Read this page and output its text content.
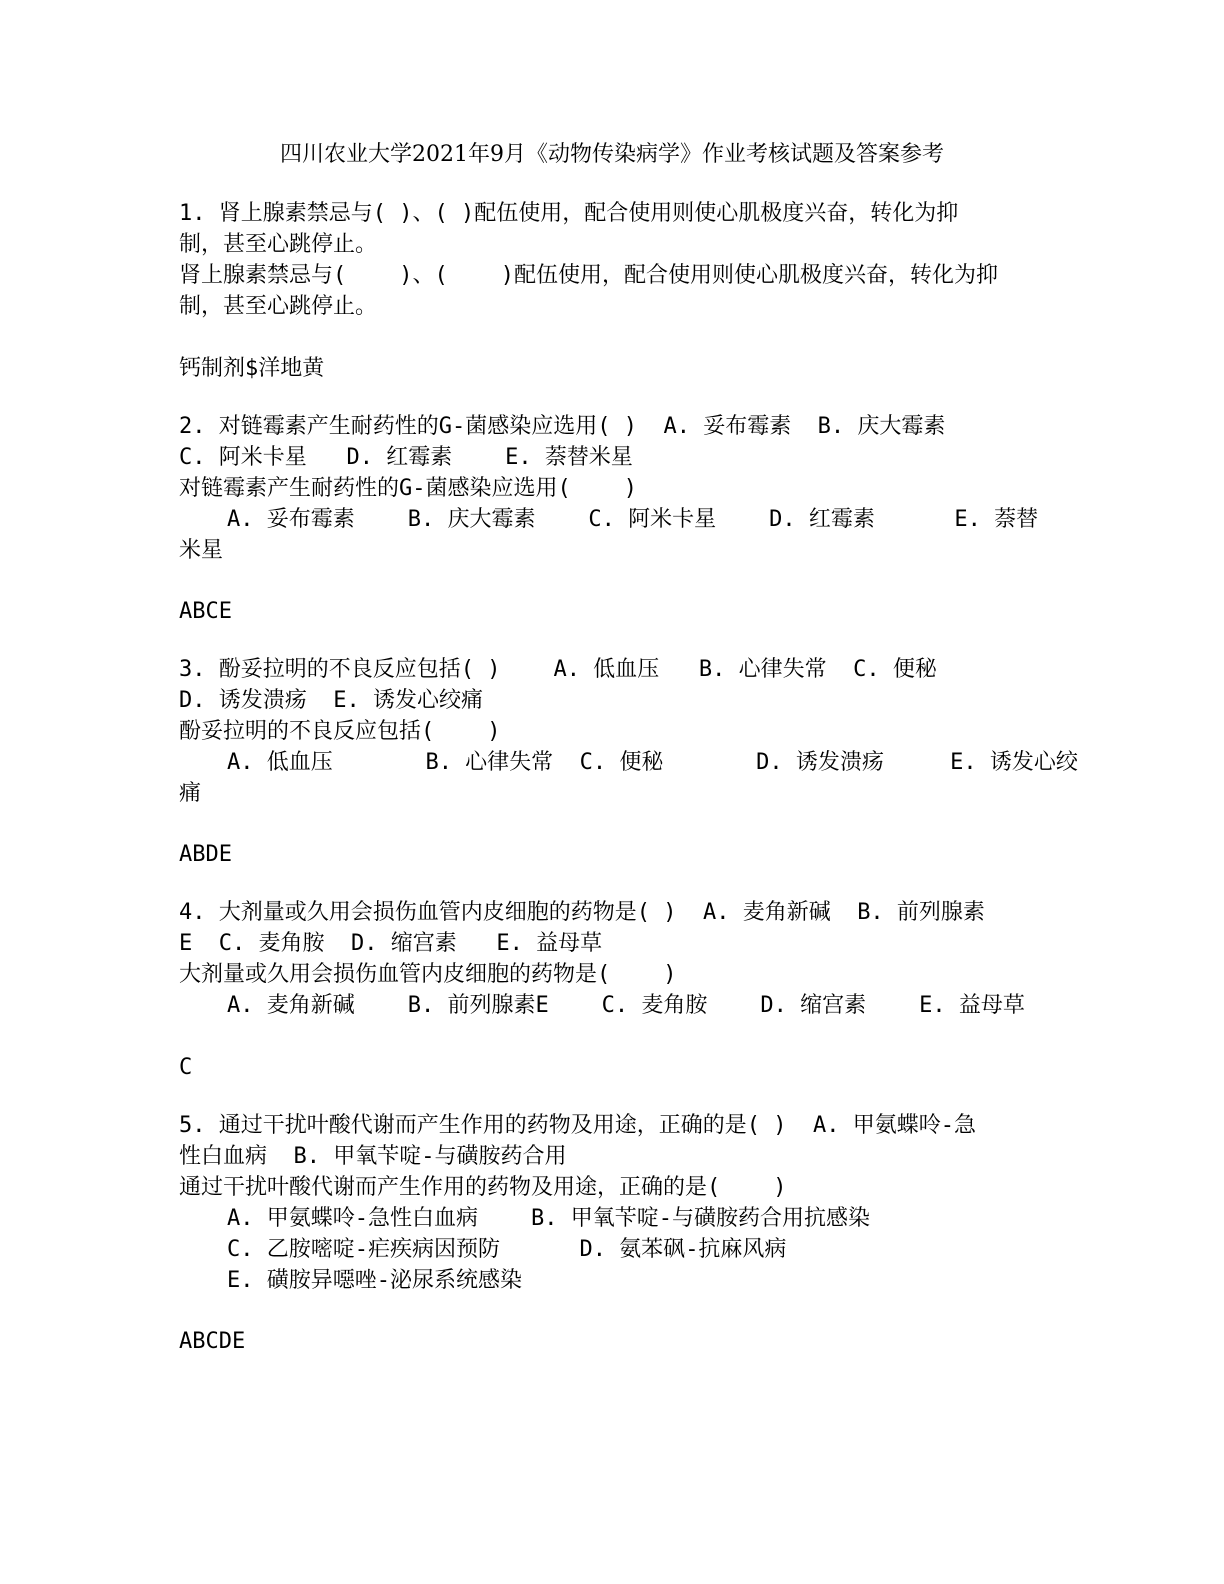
四川农业大学2021年9月《动物传染病学》作业考核试题及答案参考
1. 肾上腺素禁忌与( )、( )配伍使用，配合使用则使心肌极度兴奋，转化为抑
制，甚至心跳停止。
肾上腺素禁忌与(    )、(    )配伍使用，配合使用则使心肌极度兴奋，转化为抑
制，甚至心跳停止。
钙制剂$洋地黄
2. 对链霉素产生耐药性的G-菌感染应选用( )  A. 妥布霉素  B. 庆大霉素
C. 阿米卡星   D. 红霉素    E. 萘替米星
对链霉素产生耐药性的G-菌感染应选用(    )
A. 妥布霉素    B. 庆大霉素    C. 阿米卡星    D. 红霉素      E. 萘替
米星
ABCE
3. 酚妥拉明的不良反应包括( )    A. 低血压   B. 心律失常  C. 便秘
D. 诱发溃疡  E. 诱发心绞痛
酚妥拉明的不良反应包括(    )
A. 低血压       B. 心律失常  C. 便秘       D. 诱发溃疡     E. 诱发心绞
痛
ABDE
4. 大剂量或久用会损伤血管内皮细胞的药物是( )  A. 麦角新碱  B. 前列腺素
E  C. 麦角胺  D. 缩宫素   E. 益母草
大剂量或久用会损伤血管内皮细胞的药物是(    )
A. 麦角新碱    B. 前列腺素E    C. 麦角胺    D. 缩宫素    E. 益母草
C
5. 通过干扰叶酸代谢而产生作用的药物及用途，正确的是( )  A. 甲氨蝶呤-急
性白血病  B. 甲氧苄啶-与磺胺药合用
通过干扰叶酸代谢而产生作用的药物及用途，正确的是(    )
A. 甲氨蝶呤-急性白血病    B. 甲氧苄啶-与磺胺药合用抗感染
C. 乙胺嘧啶-疟疾病因预防      D. 氨苯砜-抗麻风病
E. 磺胺异噁唑-泌尿系统感染
ABCDE
